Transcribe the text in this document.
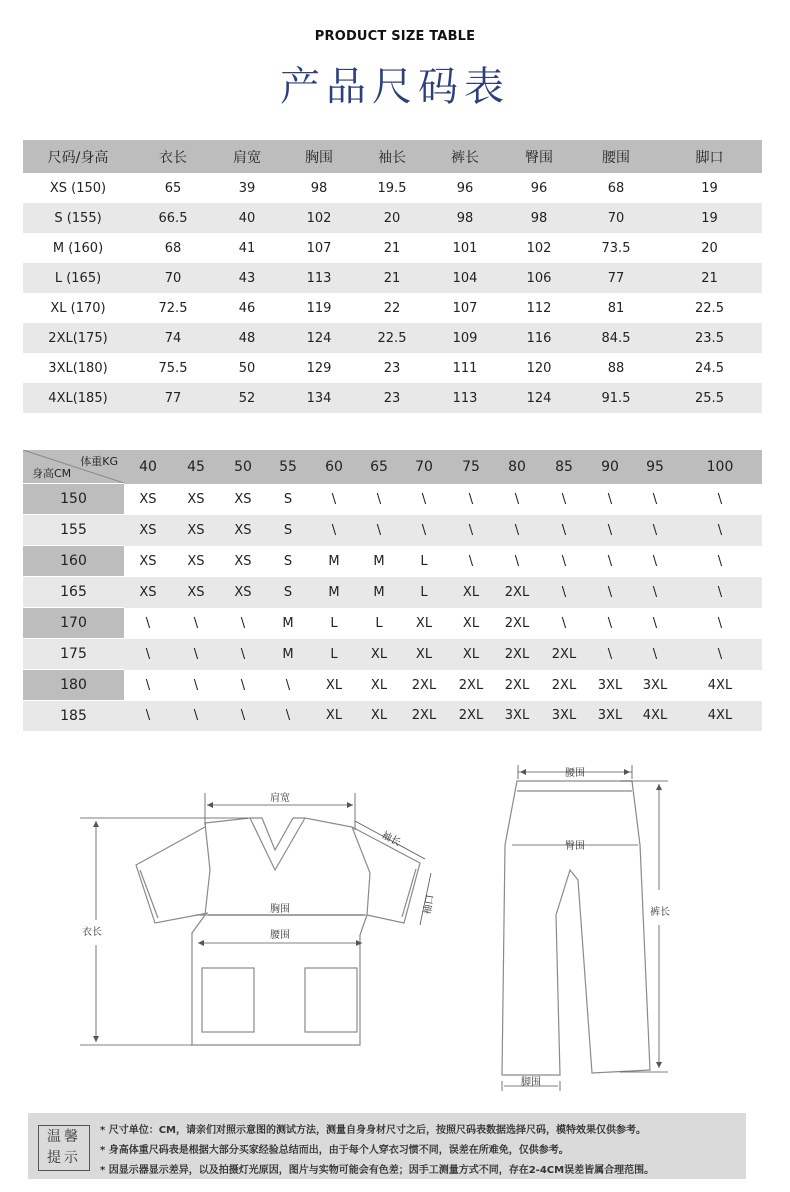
PRODUCT SIZE TABLE
产品尺码表
尺码/身高	衣长	肩宽	胸围	袖长	裤长	臀围	腰围	脚口
XS (150)	65	39	98	19.5	96	96	68	19
S (155)	66.5	40	102	20	98	98	70	19
M (160)	68	41	107	21	101	102	73.5	20
L (165)	70	43	113	21	104	106	77	21
XL (170)	72.5	46	119	22	107	112	81	22.5
2XL(175)	74	48	124	22.5	109	116	84.5	23.5
3XL(180)	75.5	50	129	23	111	120	88	24.5
4XL(185)	77	52	134	23	113	124	91.5	25.5
体重KG
身高CM	40	45	50	55	60	65	70	75	80	85	90	95	100
150	XS	XS	XS	S	\	\	\	\	\	\	\	\	\
155	XS	XS	XS	S	\	\	\	\	\	\	\	\	\
160	XS	XS	XS	S	M	M	L	\	\	\	\	\	\
165	XS	XS	XS	S	M	M	L	XL	2XL	\	\	\	\
170	\	\	\	M	L	L	XL	XL	2XL	\	\	\	\
175	\	\	\	M	L	XL	XL	XL	2XL	2XL	\	\	\
180	\	\	\	\	XL	XL	2XL	2XL	2XL	2XL	3XL	3XL	4XL
185	\	\	\	\	XL	XL	2XL	2XL	3XL	3XL	3XL	4XL	4XL
肩宽
袖长
袖口
胸围
腰围
衣长
腰围
臀围
裤长
脚围
温馨
提示
* 尺寸单位：CM，请亲们对照示意图的测试方法，测量自身身材尺寸之后，按照尺码表数据选择尺码，模特效果仅供参考。
* 身高体重尺码表是根据大部分买家经验总结而出，由于每个人穿衣习惯不同，误差在所难免，仅供参考。
* 因显示器显示差异，以及拍摄灯光原因，图片与实物可能会有色差；因手工测量方式不同，存在2-4CM误差皆属合理范围。
